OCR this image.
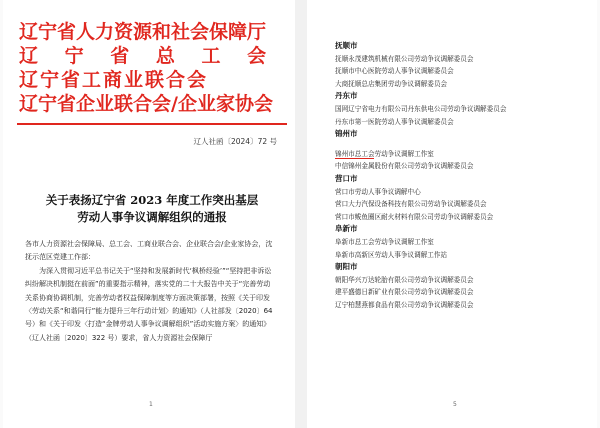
辽宁省人力资源和社会保障厅
辽 宁 省 总 工 会
辽宁省工商业联合会
辽宁省企业联合会/企业家协会
辽人社函〔2024〕72 号
关于表扬辽宁省 2023 年度工作突出基层
劳动人事争议调解组织的通报

各市人力资源社会保障局、总工会、工商业联合会、企业联合会/企业家协会，沈抚示范区党建工作部：

为深入贯彻习近平总书记关于“坚持和发展新时代‘枫桥经验’”“坚持把非诉讼纠纷解决机制挺在前面”的重要指示精神，落实党的二十大报告中关于“完善劳动关系协商协调机制，完善劳动者权益保障制度等方面决策部署，按照《关于印发〈劳动关系“和谐同行”能力提升三年行动计划〉的通知》（人社部发〔2020〕64 号）和《关于印发〈打造“金牌劳动人事争议调解组织”活动实施方案〉的通知》（辽人社函〔2020〕322 号）要求，省人力资源社会保障厅

1
抚顺市
抚顺永茂建筑机械有限公司劳动争议调解委员会
抚顺市中心医院劳动人事争议调解委员会
大商抚顺总店集团劳动争议调解委员会
丹东市
国网辽宁省电力有限公司丹东供电公司劳动争议调解委员会
丹东市第一医院劳动人事争议调解委员会
锦州市
锦州市总工会劳动争议调解工作室
中信锦州金属股份有限公司劳动争议调解委员会
营口市
营口市劳动人事争议调解中心
营口大力汽保设备科技有限公司劳动争议调解委员会
营口市鲅鱼圈区耐火材料有限公司劳动争议调解委员会
阜新市
阜新市总工会劳动争议调解工作室
阜新市高新区劳动人事争议调解工作站
朝阳市
朝阳华兴万达轮胎有限公司劳动争议调解委员会
建平盛德日新矿业有限公司劳动争议调解委员会
辽宁柏慧燕都食品有限公司劳动争议调解委员会
5
